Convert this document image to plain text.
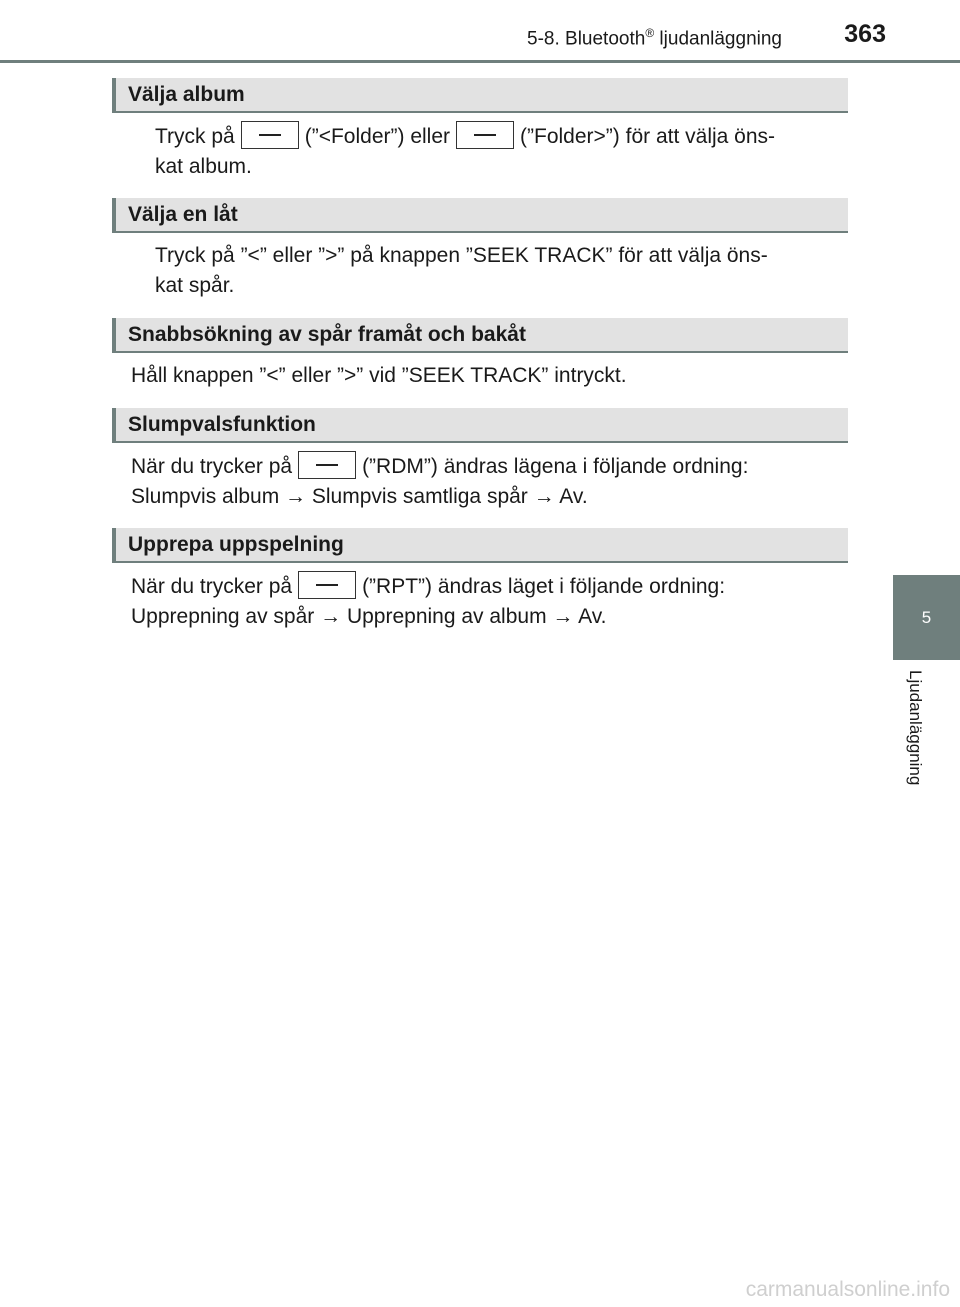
5-8. Bluetooth® ljudanläggning	363
5
Ljudanläggning
Välja album
Tryck på	(”<Folder”) eller	(”Folder>”) för att välja öns-
kat album.
Välja en låt
Tryck på ”<” eller ”>” på knappen ”SEEK TRACK” för att välja öns-
kat spår.
Snabbsökning av spår framåt och bakåt
Håll knappen ”<” eller ”>” vid ”SEEK TRACK” intryckt.
Slumpvalsfunktion
När du trycker på	(”RDM”) ändras lägena i följande ordning:
Slumpvis album → Slumpvis samtliga spår → Av.
Upprepa uppspelning
När du trycker på	(”RPT”) ändras läget i följande ordning:
Upprepning av spår → Upprepning av album → Av.
carmanualsonline.info
